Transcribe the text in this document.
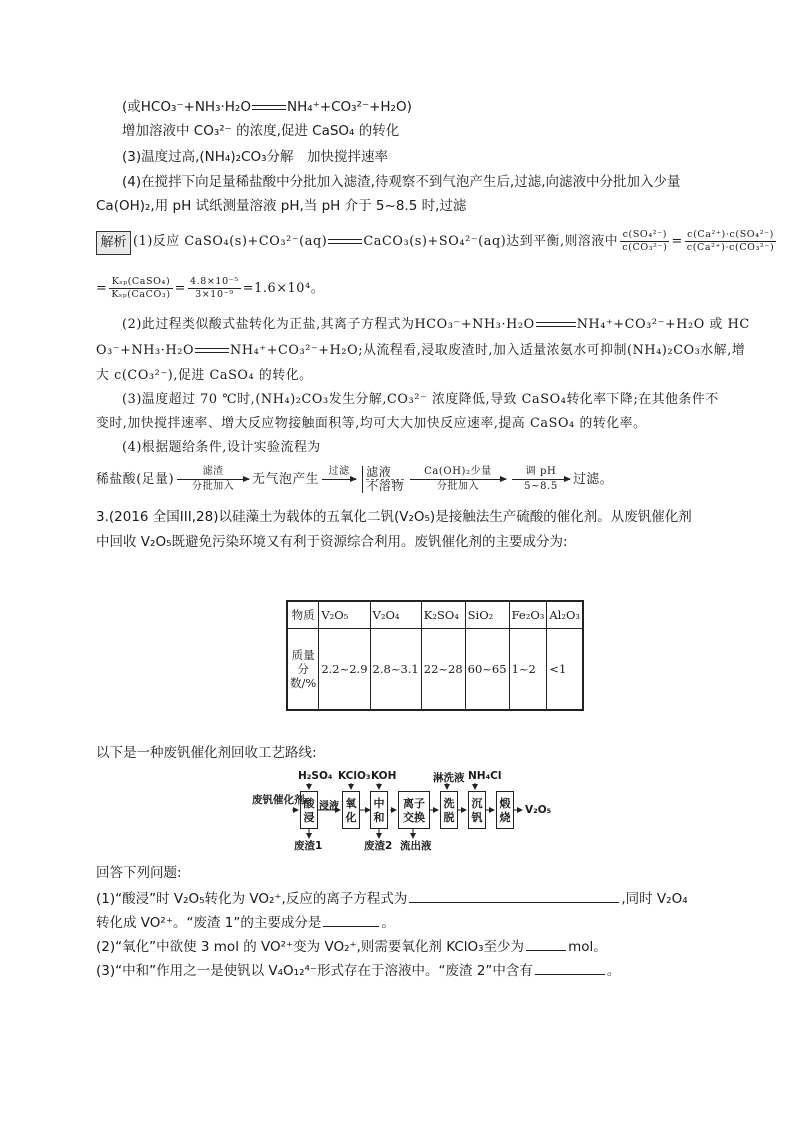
(或HCO₃⁻+NH₃·H₂O	NH₄⁺+CO₃²⁻+H₂O)
增加溶液中 CO₃²⁻ 的浓度,促进 CaSO₄ 的转化
(3)温度过高,(NH₄)₂CO₃分解　加快搅拌速率
(4)在搅拌下向足量稀盐酸中分批加入滤渣,待观察不到气泡产生后,过滤,向滤液中分批加入少量
Ca(OH)₂,用 pH 试纸测量溶液 pH,当 pH 介于 5~8.5 时,过滤
解析 (1)反应 CaSO₄(s)+CO₃²⁻(aq)	CaCO₃(s)+SO₄²⁻(aq)达到平衡,则溶液中 $\frac{\text{c(SO₄²⁻)}}{\text{c(CO₃²⁻)}} = \frac{\text{c(Ca²⁺)·c(SO₄²⁻)}}{\text{c(Ca²⁺)·c(CO₃²⁻)}}$
= $\frac{\text{Kₛₚ(CaSO₄)}}{\text{Kₛₚ(CaCO₃)}} = \frac{\text{4.8×10⁻⁵}}{\text{3×10⁻⁹}} =1.6\times 10^4$。
(2)此过程类似酸式盐转化为正盐,其离子方程式为HCO₃⁻+NH₃·H₂O	NH₄⁺+CO₃²⁻+H₂O 或 HC
O₃⁻+NH₃·H₂O	NH₄⁺+CO₃²⁻+H₂O;从流程看,浸取废渣时,加入适量浓氨水可抑制(NH₄)₂CO₃水解,增
大 c(CO₃²⁻),促进 CaSO₄ 的转化。
(3)温度超过 70 ℃时,(NH₄)₂CO₃发生分解,CO₃²⁻ 浓度降低,导致 CaSO₄转化率下降;在其他条件不
变时,加快搅拌速率、增大反应物接触面积等,均可大大加快反应速率,提高 CaSO₄ 的转化率。
(4)根据题给条件,设计实验流程为
稀盐酸(足量)
滤渣
分批加入	无气泡产生
过滤
	滤液
不溶物
Ca(OH)₂少量
分批加入
调 pH
5~8.5	过滤。
3.(2016 全国III,28)以硅藻土为载体的五氧化二钒(V₂O₅)是接触法生产硫酸的催化剂。从废钒催化剂
中回收 V₂O₅既避免污染环境又有利于资源综合利用。废钒催化剂的主要成分为:
物质	V₂O₅	V₂O₄	K₂SO₄	SiO₂	Fe₂O₃	Al₂O₃
质量分数/%	2.2~2.9	2.8~3.1	22~28	60~65	1~2	<1
以下是一种废钒催化剂回收工艺路线:
废钒催化剂 酸浸
氧化
中和
离子交换
洗脱
沉钒
煅烧
V₂O₅
H₂SO₄ KClO₃ KOH	淋洗液 NH₄Cl
浸液
废渣1	废渣2 流出液
回答下列问题:
(1)“酸浸”时 V₂O₅转化为 VO₂⁺,反应的离子方程式为	,同时 V₂O₄
转化成 VO²⁺。“废渣 1”的主要成分是	。
(2)“氧化”中欲使 3 mol 的 VO²⁺变为 VO₂⁺,则需要氧化剂 KClO₃至少为	mol。
(3)“中和”作用之一是使钒以 V₄O₁₂⁴⁻形式存在于溶液中。“废渣 2”中含有	。
